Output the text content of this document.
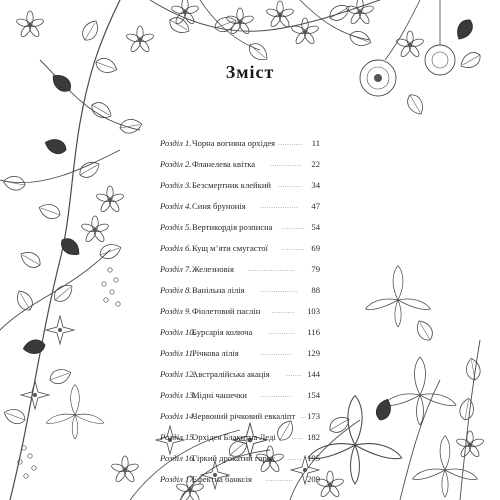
Зміст
Розділ 1. Чорна вогняна орхідея ........... 11
Розділ 2. Фланелева квітка .............. 22
Розділ 3. Безсмертник клейкий ........... 34
Розділ 4. Синя брунонія ................. 47
Розділ 5. Вертикордія розписна .......... 54
Розділ 6. Кущ м’яти смугастої .......... 69
Розділ 7. Железновія ..................... 79
Розділ 8. Ванільна лілія ................. 88
Розділ 9. Фіолетовий паслін .......... 103
Розділ 10.
Бурсарія колюча ............ 116
Розділ 11.
Річкова лілія	.............. 129
Розділ 12.
Австралійська акація ....... 144
Розділ 13.
Мідні чашечки .............. 154
Розділ 14.
Червоний річковий евкаліпт ... 173
Розділ 15.
Орхідея Блакитна Леді ..... 182
Розділ 16.
Гіркий дрокатий горох ...... 195
Розділ 17.
Ефектна банксія ............ 209
